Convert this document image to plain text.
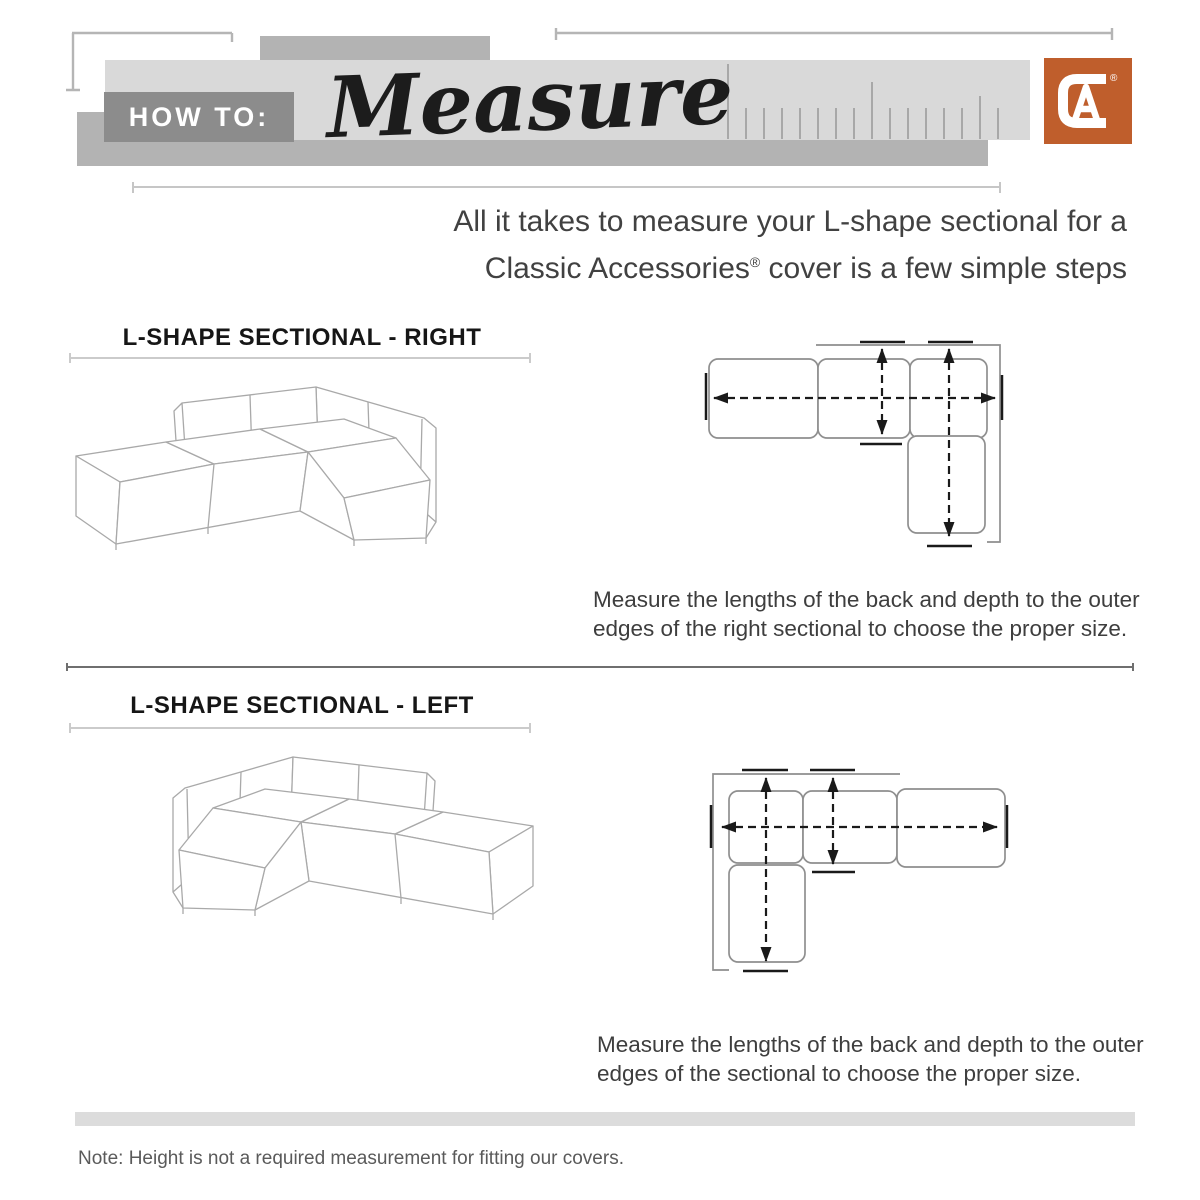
HOW TO: Measure	®
All it takes to measure your L-shape sectional for a
Classic Accessories® cover is a few simple steps
L-SHAPE SECTIONAL - RIGHT

Measure the lengths of the back and depth to the outer
edges of the right sectional to choose the proper size.

L-SHAPE SECTIONAL - LEFT

Measure the lengths of the back and depth to the outer
edges of the sectional to choose the proper size.

Note: Height is not a required measurement for fitting our covers.
